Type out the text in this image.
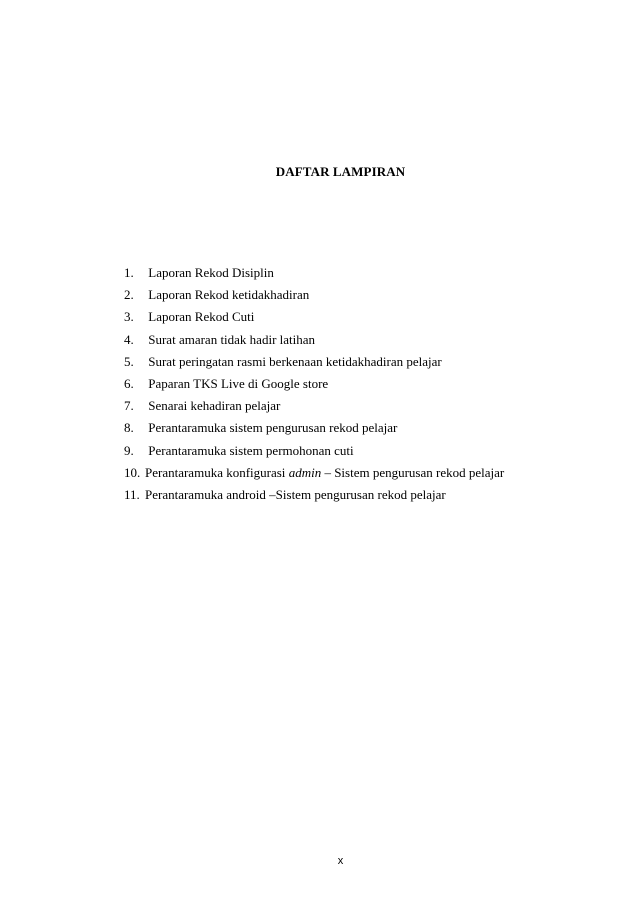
DAFTAR LAMPIRAN
1. Laporan Rekod Disiplin
2. Laporan Rekod ketidakhadiran
3. Laporan Rekod Cuti
4. Surat amaran tidak hadir latihan
5. Surat peringatan rasmi berkenaan ketidakhadiran pelajar
6. Paparan TKS Live di Google store
7. Senarai kehadiran pelajar
8. Perantaramuka sistem pengurusan rekod pelajar
9. Perantaramuka sistem permohonan cuti
10. Perantaramuka konfigurasi admin – Sistem pengurusan rekod pelajar
11. Perantaramuka android –Sistem pengurusan rekod pelajar
x
